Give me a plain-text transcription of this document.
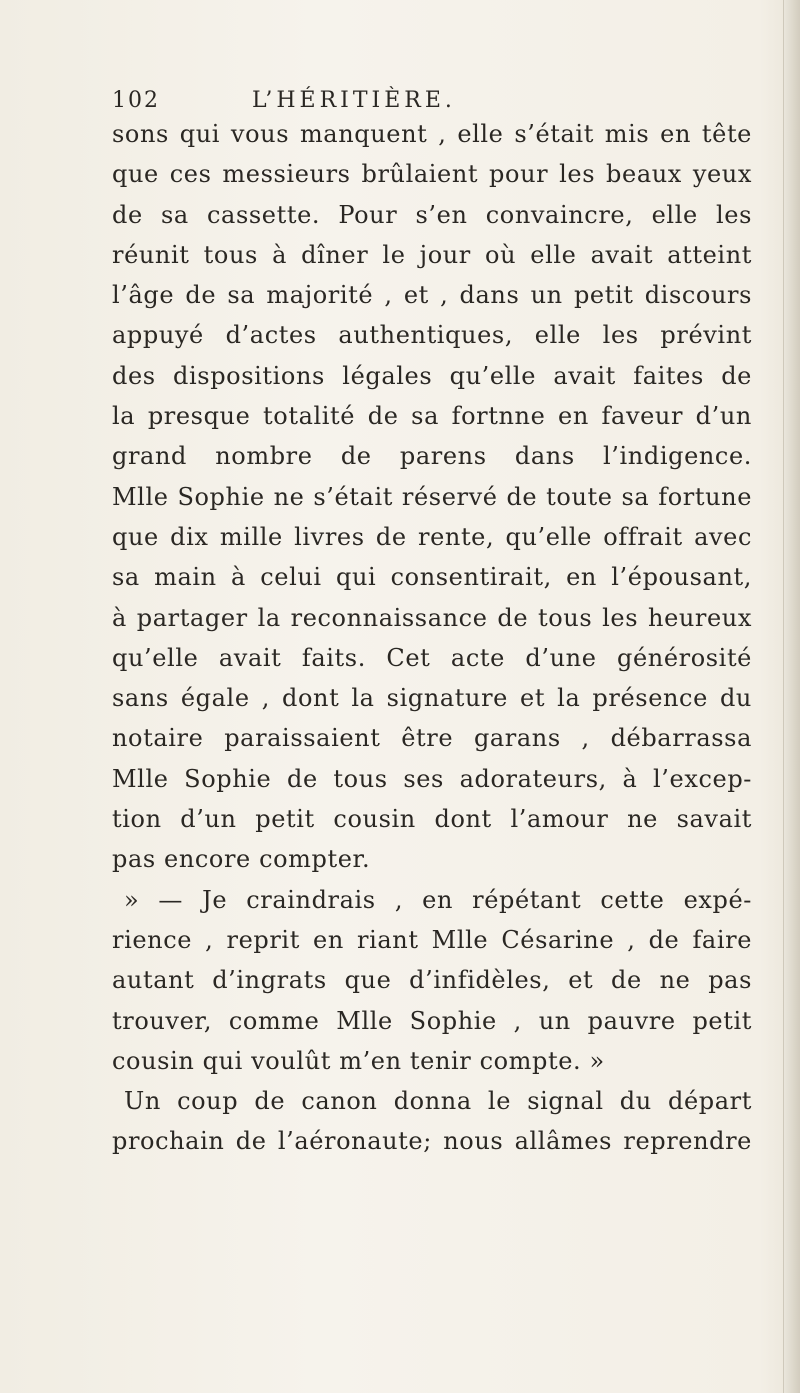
102	L’HÉRITIÈRE.
sons qui vous manquent , elle s’était mis en tête
que ces messieurs brûlaient pour les beaux yeux
de sa cassette. Pour s’en convaincre, elle les
réunit tous à dîner le jour où elle avait atteint
l’âge de sa majorité , et , dans un petit discours
appuyé d’actes authentiques, elle les prévint
des dispositions légales qu’elle avait faites de
la presque totalité de sa fortnne en faveur d’un
grand nombre de parens dans l’indigence.
Mlle Sophie ne s’était réservé de toute sa fortune
que dix mille livres de rente, qu’elle offrait avec
sa main à celui qui consentirait, en l’épousant,
à partager la reconnaissance de tous les heureux
qu’elle avait faits. Cet acte d’une générosité
sans égale , dont la signature et la présence du
notaire paraissaient être garans , débarrassa
Mlle Sophie de tous ses adorateurs, à l’excep-
tion d’un petit cousin dont l’amour ne savait
pas encore compter.
» — Je craindrais , en répétant cette expé-
rience , reprit en riant Mlle Césarine , de faire
autant d’ingrats que d’infidèles, et de ne pas
trouver, comme Mlle Sophie , un pauvre petit
cousin qui voulût m’en tenir compte. »
Un coup de canon donna le signal du départ
prochain de l’aéronaute; nous allâmes reprendre
